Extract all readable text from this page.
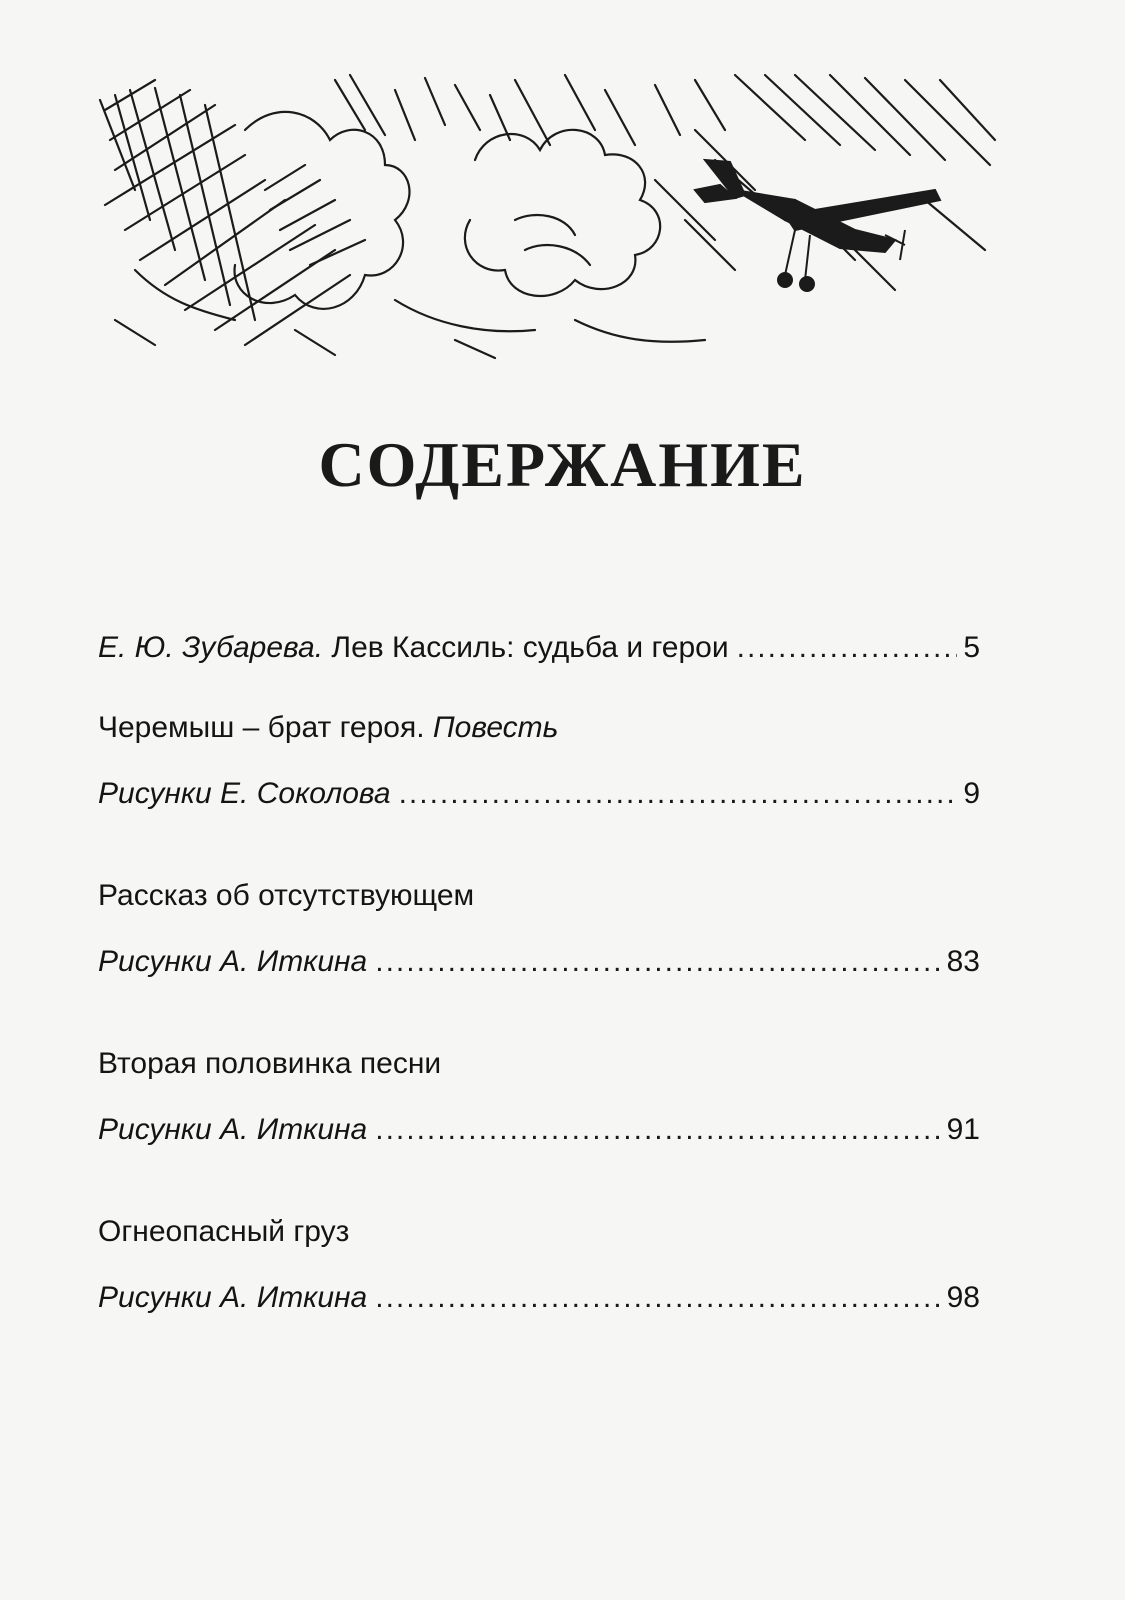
СОДЕРЖАНИЕ
Е. Ю. Зубарева.
Лев Кассиль: судьба и герои .....	5
Черемыш – брат героя.
Повесть
Рисунки Е. Соколова .....	9
Рассказ об отсутствующем
Рисунки А. Иткина .....	83
Вторая половинка песни
Рисунки А. Иткина .....	91
Огнеопасный груз
Рисунки А. Иткина .....	98
